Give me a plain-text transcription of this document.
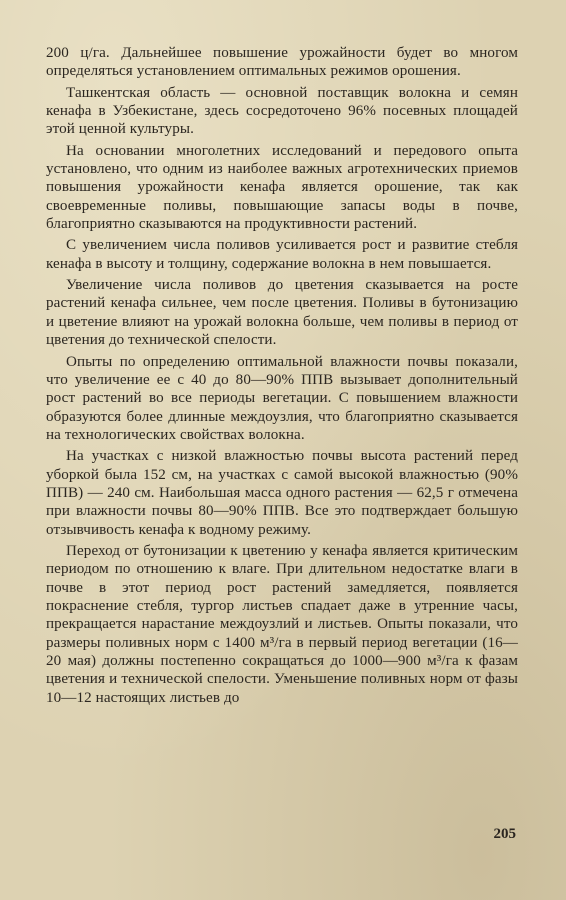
200 ц/га. Дальнейшее повышение урожайности будет во многом определяться установлением оптимальных режимов орошения.

Ташкентская область — основной поставщик волокна и семян кенафа в Узбекистане, здесь сосредоточено 96% посевных площадей этой ценной культуры.

На основании многолетних исследований и передового опыта установлено, что одним из наиболее важных агротехнических приемов повышения урожайности кенафа является орошение, так как своевременные поливы, повышающие запасы воды в почве, благоприятно сказываются на продуктивности растений.

С увеличением числа поливов усиливается рост и развитие стебля кенафа в высоту и толщину, содержание волокна в нем повышается.

Увеличение числа поливов до цветения сказывается на росте растений кенафа сильнее, чем после цветения. Поливы в бутонизацию и цветение влияют на урожай волокна больше, чем поливы в период от цветения до технической спелости.

Опыты по определению оптимальной влажности почвы показали, что увеличение ее с 40 до 80—90% ППВ вызывает дополнительный рост растений во все периоды вегетации. С повышением влажности образуются более длинные междоузлия, что благоприятно сказывается на технологических свойствах волокна.

На участках с низкой влажностью почвы высота растений перед уборкой была 152 см, на участках с самой высокой влажностью (90% ППВ) — 240 см. Наибольшая масса одного растения — 62,5 г отмечена при влажности почвы 80—90% ППВ. Все это подтверждает большую отзывчивость кенафа к водному режиму.

Переход от бутонизации к цветению у кенафа является критическим периодом по отношению к влаге. При длительном недостатке влаги в почве в этот период рост растений замедляется, появляется покраснение стебля, тургор листьев спадает даже в утренние часы, прекращается нарастание междоузлий и листьев. Опыты показали, что размеры поливных норм с 1400 м³/га в первый период вегетации (16—20 мая) должны постепенно сокращаться до 1000—900 м³/га к фазам цветения и технической спелости. Уменьшение поливных норм от фазы 10—12 настоящих листьев до

205
